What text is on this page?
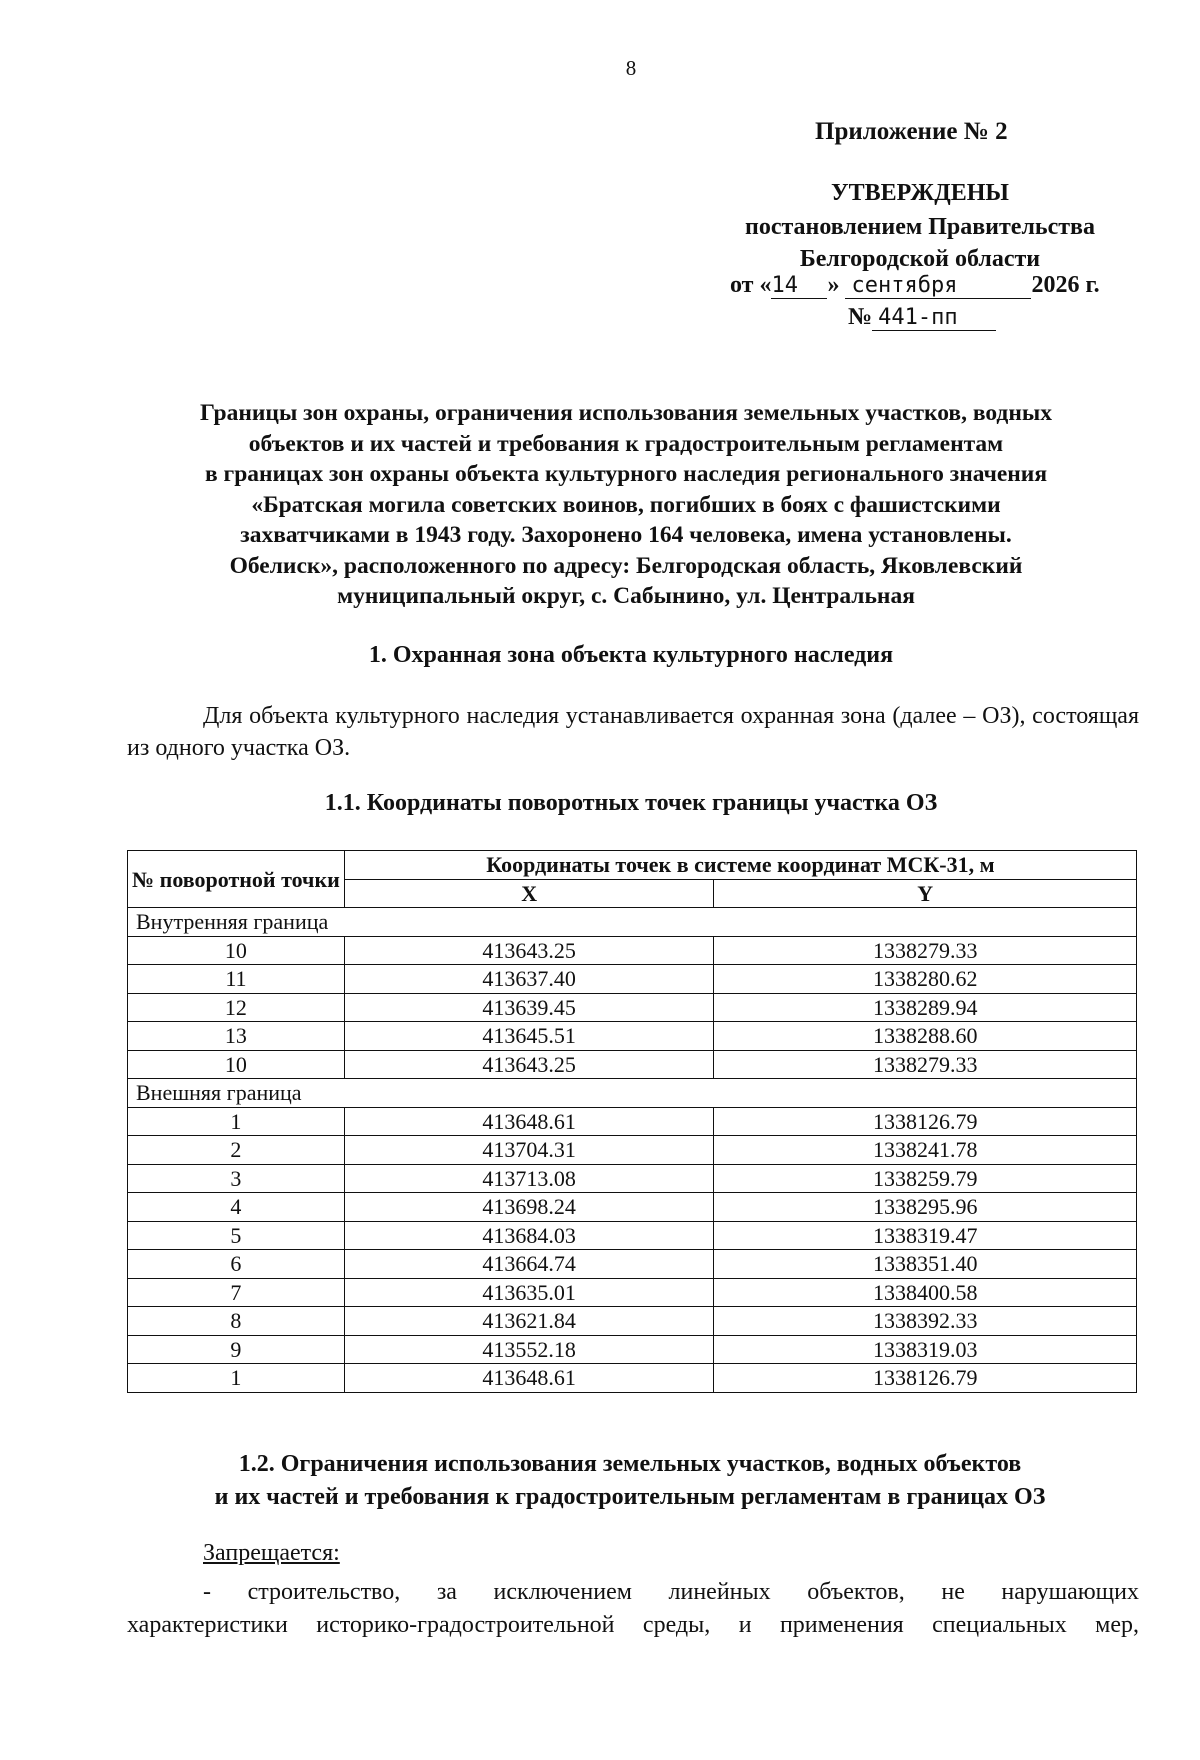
8
Приложение № 2
УТВЕРЖДЕНЫ
постановлением Правительства
Белгородской области
от «14 » сентября	2026 г.
№ 441-пп
Границы зон охраны, ограничения использования земельных участков, водных
объектов и их частей и требования к градостроительным регламентам
в границах зон охраны объекта культурного наследия регионального значения
«Братская могила советских воинов, погибших в боях с фашистскими
захватчиками в 1943 году. Захоронено 164 человека, имена установлены.
Обелиск», расположенного по адресу: Белгородская область, Яковлевский
муниципальный округ, с. Сабынино, ул. Центральная
1. Охранная зона объекта культурного наследия
Для объекта культурного наследия устанавливается охранная зона (далее – ОЗ), состоящая из одного участка ОЗ.
1.1. Координаты поворотных точек границы участка ОЗ
№ поворотной точки	Координаты точек в системе координат МСК-31, м	
	X	Y
Внутренняя граница		
10	413643.25	1338279.33
11	413637.40	1338280.62
12	413639.45	1338289.94
13	413645.51	1338288.60
10	413643.25	1338279.33
Внешняя граница		
1	413648.61	1338126.79
2	413704.31	1338241.78
3	413713.08	1338259.79
4	413698.24	1338295.96
5	413684.03	1338319.47
6	413664.74	1338351.40
7	413635.01	1338400.58
8	413621.84	1338392.33
9	413552.18	1338319.03
1	413648.61	1338126.79
1.2. Ограничения использования земельных участков, водных объектов
и их частей и требования к градостроительным регламентам в границах ОЗ
Запрещается:
- строительство, за исключением линейных объектов, не нарушающих
характеристики историко-градостроительной среды, и применения специальных мер,
